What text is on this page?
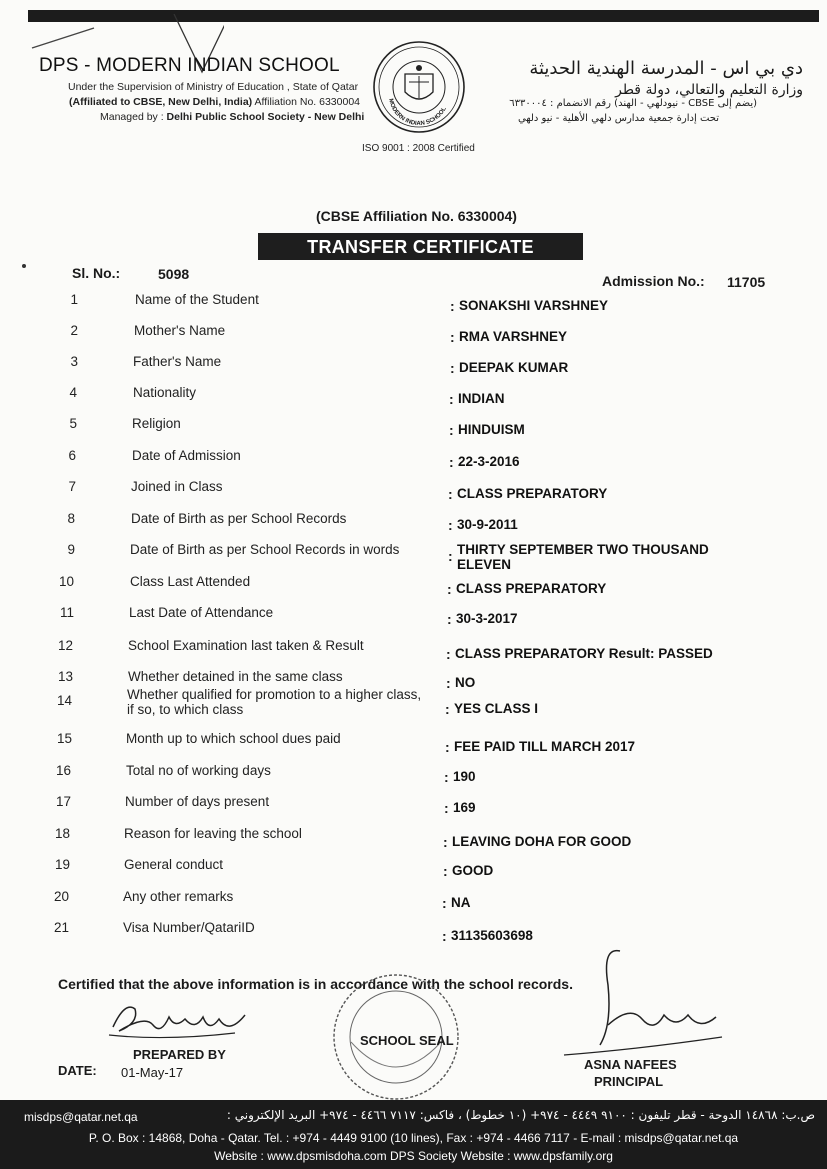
DPS - MODERN INDIAN SCHOOL
Under the Supervision of Ministry of Education , State of Qatar
(Affiliated to CBSE, New Delhi, India) Affiliation No. 6330004
Managed by : Delhi Public School Society - New Delhi
دي بي اس - المدرسة الهندية الحديثة
وزارة التعليم والتعالي، دولة قطر
(يضم إلى CBSE - نيودلهي - الهند) رقم الانضمام : ٦٣٣٠٠٠٤
تحت إدارة جمعية مدارس دلهي الأهلية - نيو دلهي
MODERN INDIAN SCHOOL
ISO 9001 : 2008 Certified
(CBSE Affiliation No. 6330004)
TRANSFER CERTIFICATE
Sl. No.:	5098	Admission No.: 11705
1	Name of the Student	: SONAKSHI VARSHNEY
2	Mother's Name	: RMA VARSHNEY
3	Father's Name	: DEEPAK KUMAR
4	Nationality	: INDIAN
5	Religion	: HINDUISM
6	Date of Admission	: 22-3-2016
7	Joined in Class	: CLASS PREPARATORY
8	Date of Birth as per School Records	: 30-9-2011
9	Date of Birth as per School Records in words	: THIRTY SEPTEMBER TWO THOUSAND
ELEVEN
10	Class Last Attended	: CLASS PREPARATORY
11	Last Date of Attendance	: 30-3-2017
12	School Examination last taken & Result
: CLASS PREPARATORY Result: PASSED
13	Whether detained in the same class	: NO
14	Whether qualified for promotion to a higher class,
if so, to which class	: YES CLASS I
15	Month up to which school dues paid
: FEE PAID TILL MARCH 2017
16	Total no of working days	: 190
17	Number of days present	: 169
18	Reason for leaving the school
: LEAVING DOHA FOR GOOD
19	General conduct	: GOOD
20	Any other remarks	: NA
21	Visa Number/QatariID
: 31135603698
Certified that the above information is in accordance with the school records.
SCHOOL SEAL
PREPARED BY
DATE: 01-May-17
ASNA NAFEES
PRINCIPAL
misdps@qatar.net.qa	ص.ب: ١٤٨٦٨ الدوحة - قطر تليفون : ٩١٠٠ ٤٤٤٩ - ٩٧٤+ (١٠ خطوط) ، فاكس: ٧١١٧ ٤٤٦٦ - ٩٧٤+ البريد الإلكتروني :
P. O. Box : 14868, Doha - Qatar. Tel. : +974 - 4449 9100 (10 lines), Fax : +974 - 4466 7117 - E-mail : misdps@qatar.net.qa
Website : www.dpsmisdoha.com DPS Society Website : www.dpsfamily.org
